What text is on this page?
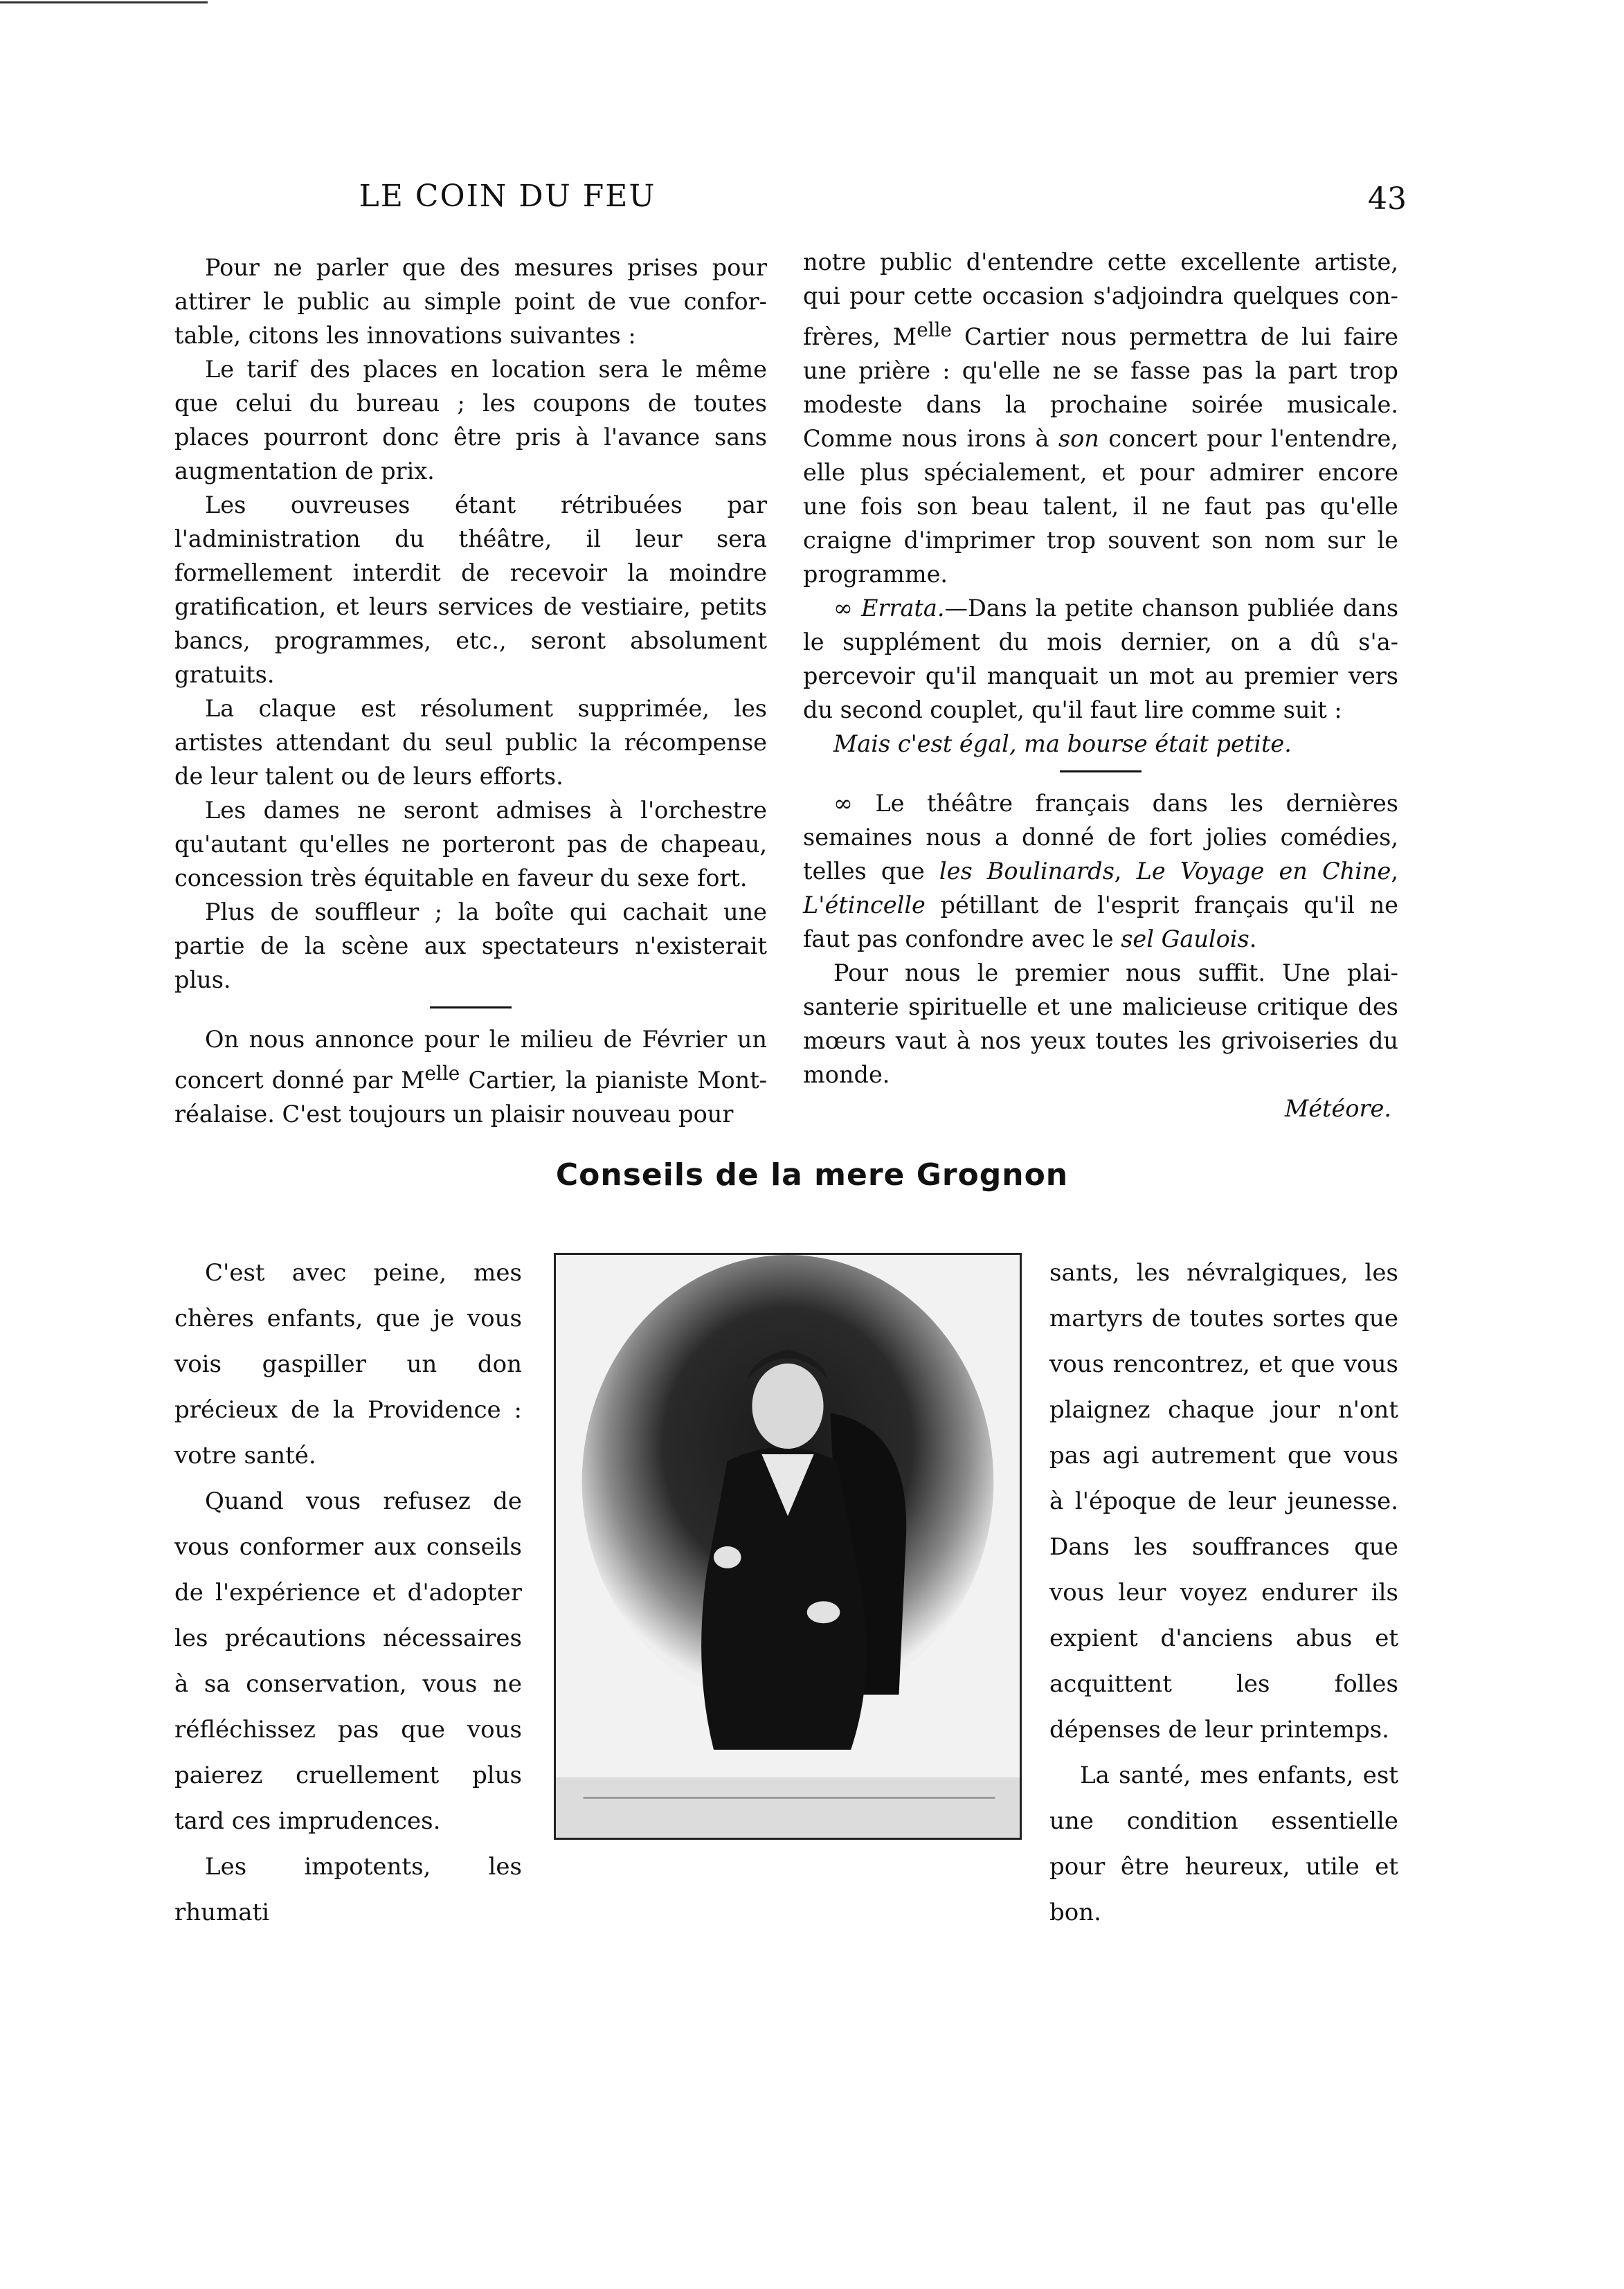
LE COIN DU FEU	43

Pour ne parler que des mesures prises pour attirer le public au simple point de vue confortable, citons les innovations suivantes :

Le tarif des places en location sera le même que celui du bureau ; les coupons de toutes places pourront donc être pris à l'avance sans augmentation de prix.

Les ouvreuses étant rétribuées par l'administration du théâtre, il leur sera formellement interdit de recevoir la moindre gratification, et leurs services de vestiaire, petits bancs, programmes, etc., seront absolument gratuits.

La claque est résolument supprimée, les artistes attendant du seul public la récompense de leur talent ou de leurs efforts.

Les dames ne seront admises à l'orchestre qu'autant qu'elles ne porteront pas de chapeau, concession très équitable en faveur du sexe fort.

Plus de souffleur ; la boîte qui cachait une partie de la scène aux spectateurs n'existerait plus.

On nous annonce pour le milieu de Février un concert donné par $M^{elle}$ Cartier, la pianiste Montréalaise. C'est toujours un plaisir nouveau pour

notre public d'entendre cette excellente artiste, qui pour cette occasion s'adjoindra quelques confrères, $M^{elle}$ Cartier nous permettra de lui faire une prière : qu'elle ne se fasse pas la part trop modeste dans la prochaine soirée musicale. Comme nous irons à son concert pour l'entendre, elle plus spécialement, et pour admirer encore une fois son beau talent, il ne faut pas qu'elle craigne d'imprimer trop souvent son nom sur le programme.

∞ Errata.—Dans la petite chanson publiée dans le supplément du mois dernier, on a dû s'apercevoir qu'il manquait un mot au premier vers du second couplet, qu'il faut lire comme suit :

Mais c'est égal, ma bourse était petite.

∞ Le théâtre français dans les dernières semaines nous a donné de fort jolies comédies, telles que les Boulinards, Le Voyage en Chine, L'étincelle pétillant de l'esprit français qu'il ne faut pas confondre avec le sel Gaulois.

Pour nous le premier nous suffit. Une plaisanterie spirituelle et une malicieuse critique des mœurs vaut à nos yeux toutes les grivoiseries du monde.

Météore.

Conseils de la mere Grognon

C'est avec peine, mes chères enfants, que je vous vois gaspiller un don précieux de la Providence : votre santé.

Quand vous refusez de vous conformer aux conseils de l'expérience et d'adopter les précautions nécessaires à sa conservation, vous ne réfléchissez pas que vous paierez cruellement plus tard ces imprudences.

Les impotents, les rhumati

sants, les névralgiques, les martyrs de toutes sortes que vous rencontrez, et que vous plaignez chaque jour n'ont pas agi autrement que vous à l'époque de leur jeunesse. Dans les souffrances que vous leur voyez endurer ils expient d'anciens abus et acquittent les folles dépenses de leur printemps.

La santé, mes enfants, est une condition essentielle pour être heureux, utile et bon.
